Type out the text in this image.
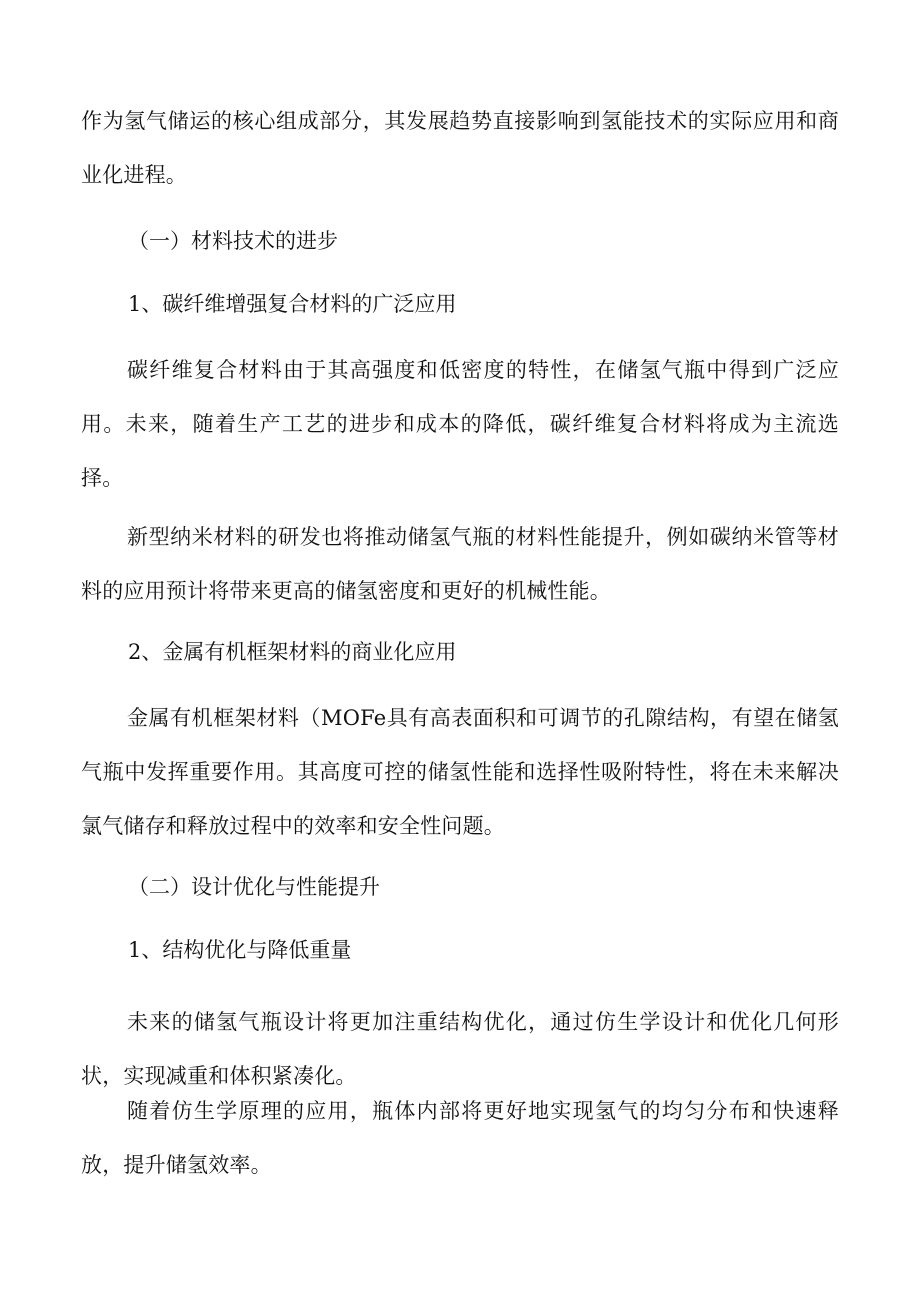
作为氢气储运的核心组成部分，其发展趋势直接影响到氢能技术的实际应用和商业化进程。

（一）材料技术的进步
1、碳纤维增强复合材料的广泛应用

碳纤维复合材料由于其高强度和低密度的特性，在储氢气瓶中得到广泛应用。未来，随着生产工艺的进步和成本的降低，碳纤维复合材料将成为主流选择。

新型纳米材料的研发也将推动储氢气瓶的材料性能提升，例如碳纳米管等材料的应用预计将带来更高的储氢密度和更好的机械性能。

2、金属有机框架材料的商业化应用

金属有机框架材料（MOFe具有高表面积和可调节的孔隙结构，有望在储氢气瓶中发挥重要作用。其高度可控的储氢性能和选择性吸附特性，将在未来解决氯气储存和释放过程中的效率和安全性问题。

（二）设计优化与性能提升
1、结构优化与降低重量

未来的储氢气瓶设计将更加注重结构优化，通过仿生学设计和优化几何形状，实现减重和体积紧凑化。

随着仿生学原理的应用，瓶体内部将更好地实现氢气的均匀分布和快速释放，提升储氢效率。
